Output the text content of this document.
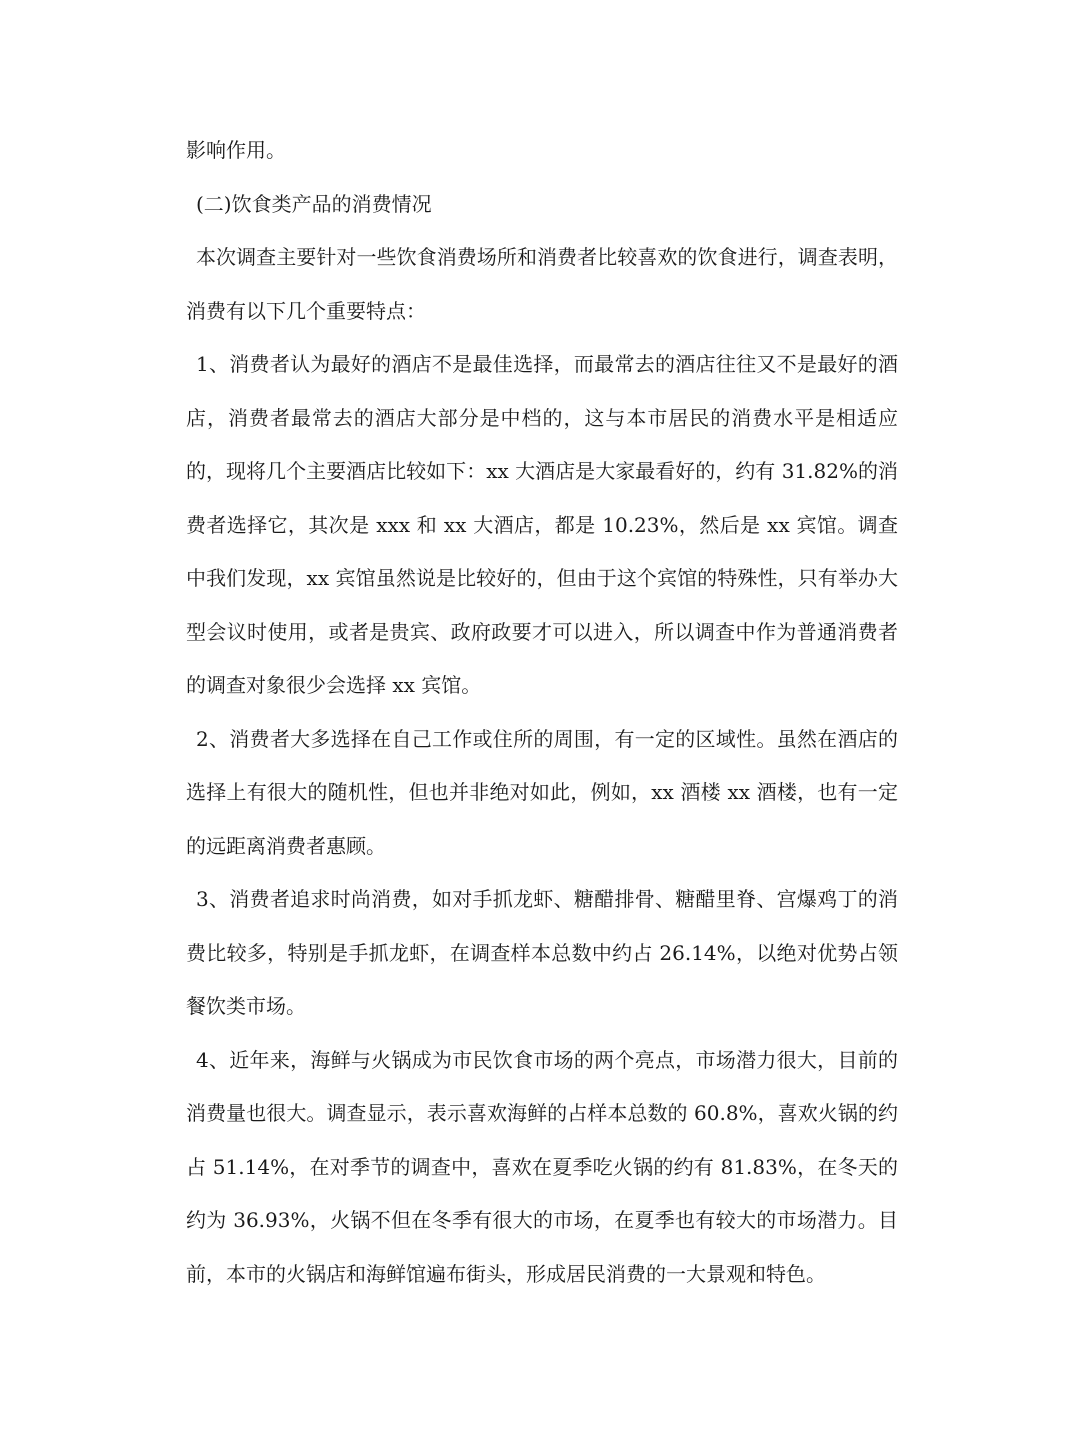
影响作用。

(二)饮食类产品的消费情况

本次调查主要针对一些饮食消费场所和消费者比较喜欢的饮食进行，调查表明，消费有以下几个重要特点：

1、消费者认为最好的酒店不是最佳选择，而最常去的酒店往往又不是最好的酒店，消费者最常去的酒店大部分是中档的，这与本市居民的消费水平是相适应的，现将几个主要酒店比较如下：xx 大酒店是大家最看好的，约有 31.82%的消费者选择它，其次是 xxx 和 xx 大酒店，都是 10.23%，然后是 xx 宾馆。调查中我们发现，xx 宾馆虽然说是比较好的，但由于这个宾馆的特殊性，只有举办大型会议时使用，或者是贵宾、政府政要才可以进入，所以调查中作为普通消费者的调查对象很少会选择 xx 宾馆。

2、消费者大多选择在自己工作或住所的周围，有一定的区域性。虽然在酒店的选择上有很大的随机性，但也并非绝对如此，例如，xx 酒楼 xx 酒楼，也有一定的远距离消费者惠顾。

3、消费者追求时尚消费，如对手抓龙虾、糖醋排骨、糖醋里脊、宫爆鸡丁的消费比较多，特别是手抓龙虾，在调查样本总数中约占 26.14%，以绝对优势占领餐饮类市场。

4、近年来，海鲜与火锅成为市民饮食市场的两个亮点，市场潜力很大，目前的消费量也很大。调查显示，表示喜欢海鲜的占样本总数的 60.8%，喜欢火锅的约占 51.14%，在对季节的调查中，喜欢在夏季吃火锅的约有 81.83%，在冬天的约为 36.93%，火锅不但在冬季有很大的市场，在夏季也有较大的市场潜力。目前，本市的火锅店和海鲜馆遍布街头，形成居民消费的一大景观和特色。
